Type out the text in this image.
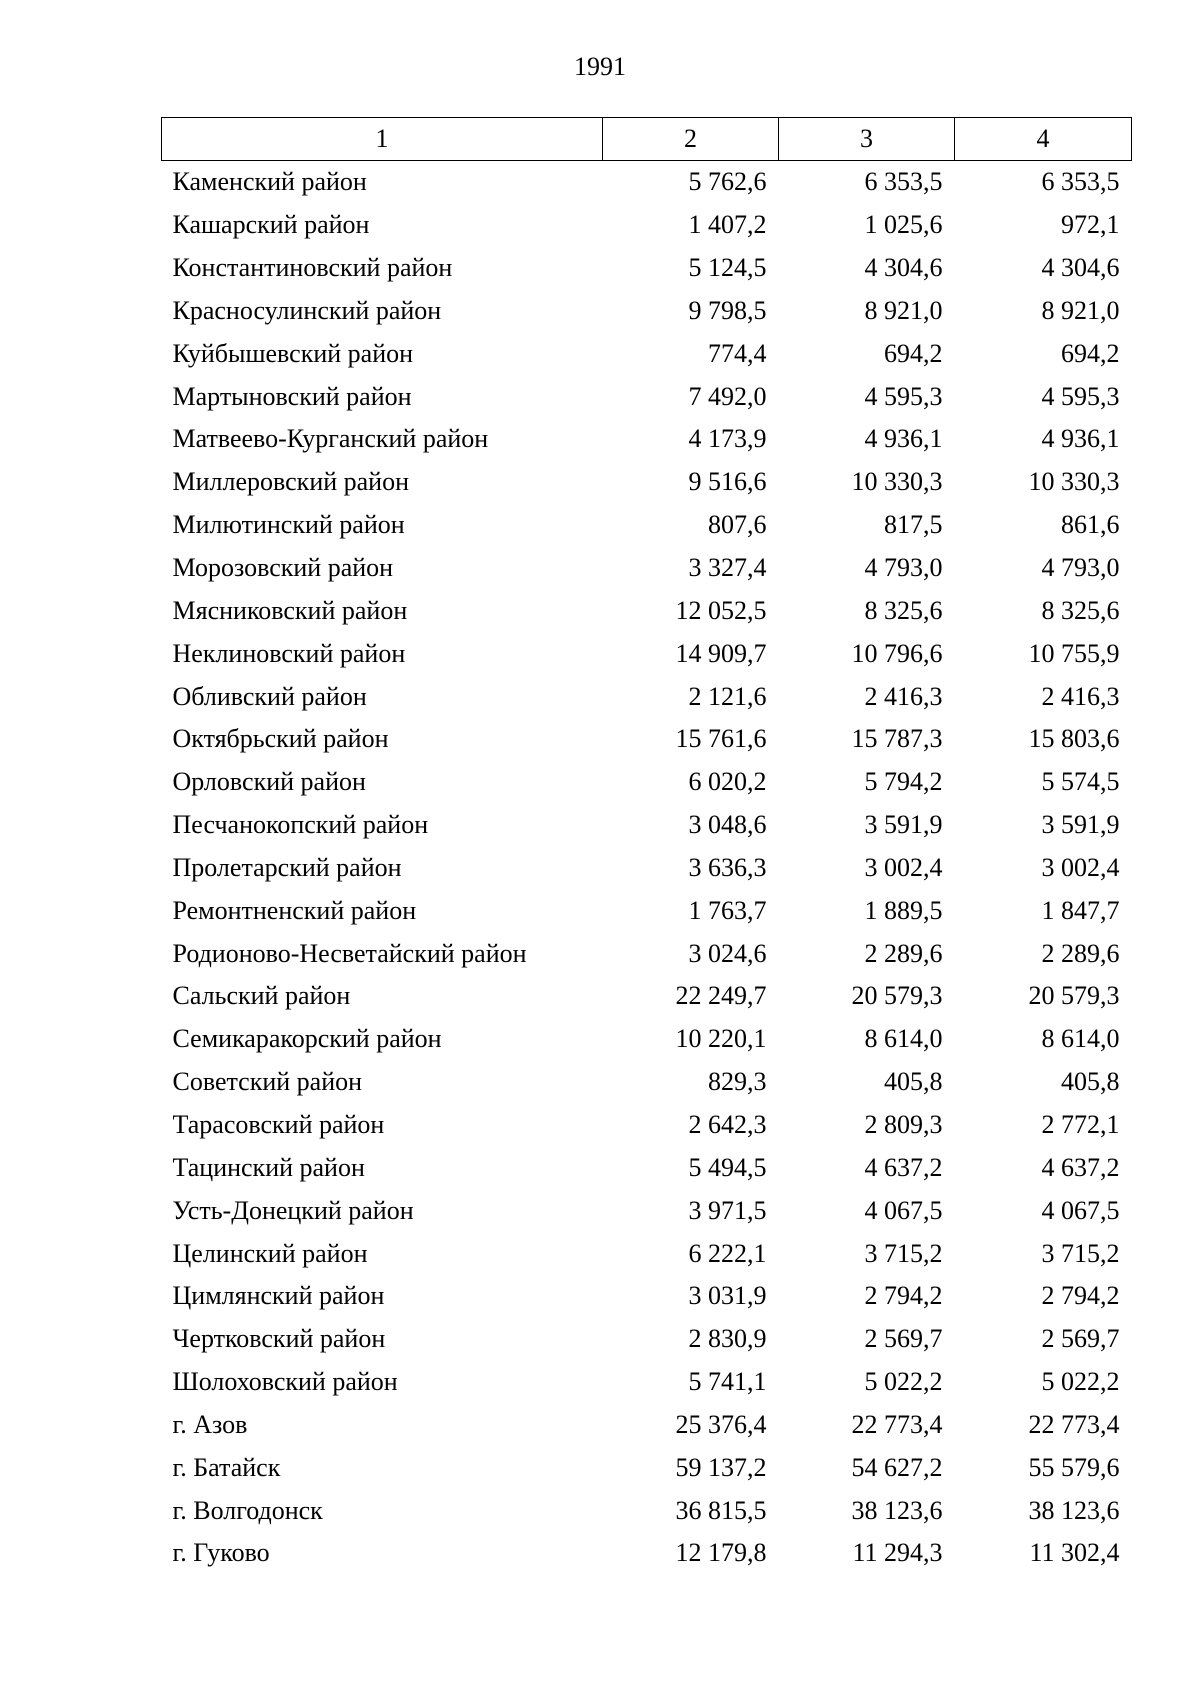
1991
1	2	3	4
Каменский район	5 762,6	6 353,5	6 353,5
Кашарский район	1 407,2	1 025,6	972,1
Константиновский район	5 124,5	4 304,6	4 304,6
Красносулинский район	9 798,5	8 921,0	8 921,0
Куйбышевский район	774,4	694,2	694,2
Мартыновский район	7 492,0	4 595,3	4 595,3
Матвеево-Курганский район	4 173,9	4 936,1	4 936,1
Миллеровский район	9 516,6	10 330,3	10 330,3
Милютинский район	807,6	817,5	861,6
Морозовский район	3 327,4	4 793,0	4 793,0
Мясниковский район	12 052,5	8 325,6	8 325,6
Неклиновский район	14 909,7	10 796,6	10 755,9
Обливский район	2 121,6	2 416,3	2 416,3
Октябрьский район	15 761,6	15 787,3	15 803,6
Орловский район	6 020,2	5 794,2	5 574,5
Песчанокопский район	3 048,6	3 591,9	3 591,9
Пролетарский район	3 636,3	3 002,4	3 002,4
Ремонтненский район	1 763,7	1 889,5	1 847,7
Родионово-Несветайский район	3 024,6	2 289,6	2 289,6
Сальский район	22 249,7	20 579,3	20 579,3
Семикаракорский район	10 220,1	8 614,0	8 614,0
Советский район	829,3	405,8	405,8
Тарасовский район	2 642,3	2 809,3	2 772,1
Тацинский район	5 494,5	4 637,2	4 637,2
Усть-Донецкий район	3 971,5	4 067,5	4 067,5
Целинский район	6 222,1	3 715,2	3 715,2
Цимлянский район	3 031,9	2 794,2	2 794,2
Чертковский район	2 830,9	2 569,7	2 569,7
Шолоховский район	5 741,1	5 022,2	5 022,2
г. Азов	25 376,4	22 773,4	22 773,4
г. Батайск	59 137,2	54 627,2	55 579,6
г. Волгодонск	36 815,5	38 123,6	38 123,6
г. Гуково	12 179,8	11 294,3	11 302,4
